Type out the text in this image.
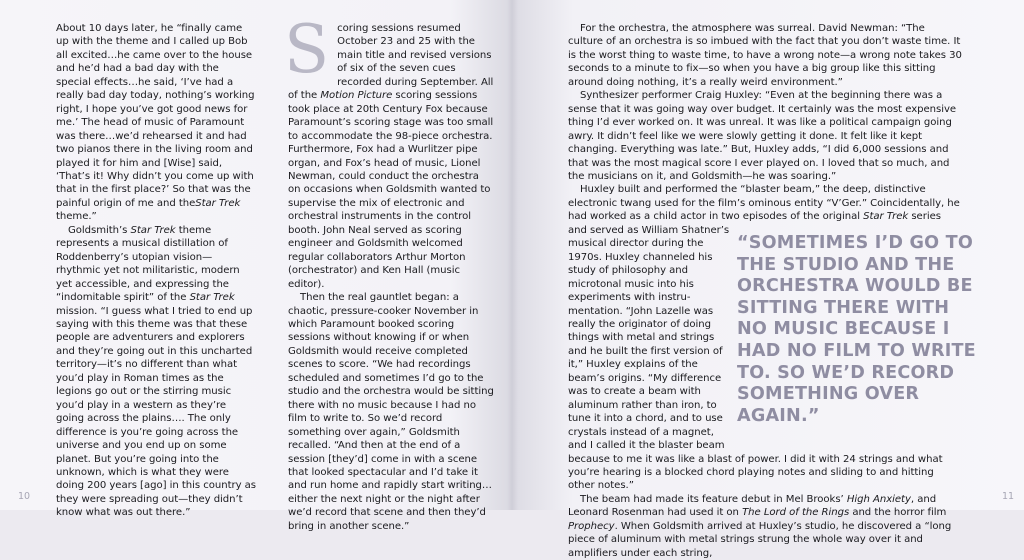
About 10 days later, he “finally came up with the theme and I called up Bob all excited…he came over to the house and he’d had a bad day with the special effects…he said, ‘I’ve had a really bad day today, nothing’s working right, I hope you’ve got good news for me.’ The head of music of Paramount was there…we’d rehearsed it and had two pianos there in the living room and played it for him and [Wise] said, ‘That’s it! Why didn’t you come up with that in the first place?’ So that was the painful origin of me and theStar Trek theme.”

Goldsmith’s Star Trek theme represents a musical distillation of Roddenberry’s utopian vision—rhythmic yet not militaristic, modern yet accessible, and expressing the “indomitable spirit” of the Star Trek mission. “I guess what I tried to end up saying with this theme was that these people are adventurers and explorers and they’re going out in this uncharted territory—it’s no different than what you’d play in Roman times as the legions go out or the stirring music you’d play in a western as they’re going across the plains…. The only difference is you’re going across the universe and you end up on some planet. But you’re going into the unknown, which is what they were doing 200 years [ago] in this country as they were spreading out—they didn’t know what was out there.”

Scoring sessions resumed October 23 and 25 with the main title and revised versions of six of the seven cues recorded during September. All of the Motion Picture scoring sessions took place at 20th Century Fox because Paramount’s scoring stage was too small to accommodate the 98-piece orchestra. Furthermore, Fox had a Wurlitzer pipe organ, and Fox’s head of music, Lionel Newman, could conduct the orchestra on occasions when Goldsmith wanted to supervise the mix of electronic and orchestral instruments in the control booth. John Neal served as scoring engineer and Goldsmith welcomed regular collaborators Arthur Morton (orchestrator) and Ken Hall (music editor).

Then the real gauntlet began: a chaotic, pressure-cooker November in which Paramount booked scoring sessions without knowing if or when Goldsmith would receive completed scenes to score. “We had recordings scheduled and sometimes I’d go to the studio and the orchestra would be sitting there with no music because I had no film to write to. So we’d record something over again,” Goldsmith recalled. “And then at the end of a session [they’d] come in with a scene that looked spectacular and I’d take it and run home and rapidly start writing… either the next night or the night after we’d record that scene and then they’d bring in another scene.”

10

For the orchestra, the atmosphere was surreal. David Newman: “The culture of an orchestra is so imbued with the fact that you don’t waste time. It is the worst thing to waste time, to have a wrong note—a wrong note takes 30 seconds to a minute to fix—so when you have a big group like this sitting around doing nothing, it’s a really weird environment.”

Synthesizer performer Craig Huxley: “Even at the beginning there was a sense that it was going way over budget. It certainly was the most expensive thing I’d ever worked on. It was unreal. It was like a political campaign going awry. It didn’t feel like we were slowly getting it done. It felt like it kept changing. Everything was late.” But, Huxley adds, “I did 6,000 sessions and that was the most magical score I ever played on. I loved that so much, and the musicians on it, and Goldsmith—he was soaring.”

Huxley built and performed the “blaster beam,” the deep, distinctive electronic twang used for the film’s ominous entity “V’Ger.” Coincidentally, he had worked as a child actor in two episodes of the original Star Trek series and served as William Shatner’s musical director during the 1970s. Huxley channeled his study of philosophy and microtonal music into his experiments with instru-mentation. “John Lazelle was really the originator of doing things with metal and strings and he built the first version of it,” Huxley explains of the beam’s origins. “My difference was to create a beam with aluminum rather than iron, to tune it into a chord, and to use crystals instead of a magnet, and I called it the blaster beam because to me it was like a blast of power. I did it with 24 strings and what you’re hearing is a blocked chord playing notes and sliding to and hitting other notes.”

The beam had made its feature debut in Mel Brooks’ High Anxiety, and Leonard Rosenman had used it on The Lord of the Rings and the horror film Prophecy. When Goldsmith arrived at Huxley’s studio, he discovered a “long piece of aluminum with metal strings strung the whole way over it and amplifiers under each string,

“SOMETIMES I’D GO TO THE STUDIO AND THE ORCHESTRA WOULD BE SITTING THERE WITH NO MUSIC BECAUSE I HAD NO FILM TO WRITE TO. SO WE’D RECORD SOMETHING OVER AGAIN.”
11
